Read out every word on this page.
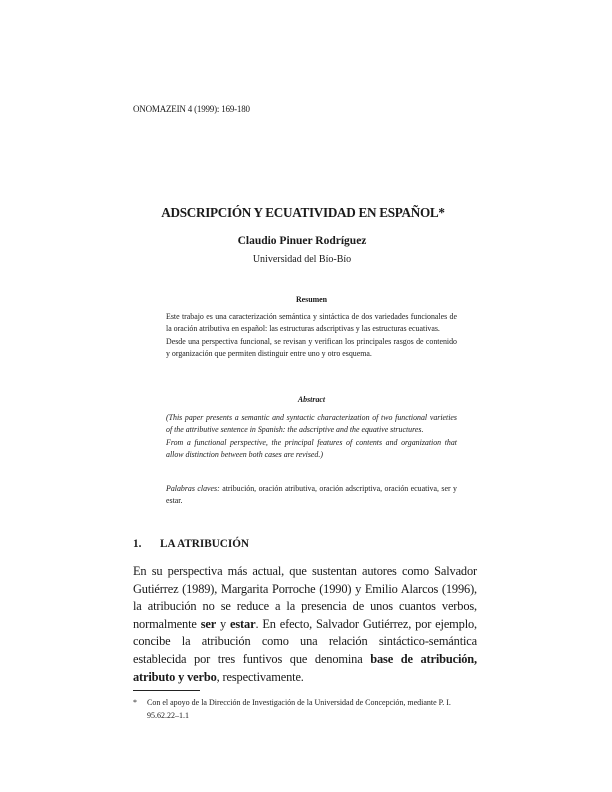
ONOMAZEIN 4 (1999): 169-180
ADSCRIPCIÓN Y ECUATIVIDAD EN ESPAÑOL*
Claudio Pinuer Rodríguez
Universidad del Bío-Bío
Resumen

Este trabajo es una caracterización semántica y sintáctica de dos variedades funcionales de la oración atributiva en español: las estructuras adscriptivas y las estructuras ecuativas.

Desde una perspectiva funcional, se revisan y verifican los principales rasgos de contenido y organización que permiten distinguir entre uno y otro esquema.

Abstract

(This paper presents a semantic and syntactic characterization of two functional varieties of the attributive sentence in Spanish: the adscriptive and the equative structures.

From a functional perspective, the principal features of contents and organization that allow distinction between both cases are revised.)

Palabras claves: atribución, oración atributiva, oración adscriptiva, oración ecuativa, ser y estar.

1. LA ATRIBUCIÓN

En su perspectiva más actual, que sustentan autores como Salvador Gutiérrez (1989), Margarita Porroche (1990) y Emilio Alarcos (1996), la atribución no se reduce a la presencia de unos cuantos verbos, normalmente ser y estar. En efecto, Salvador Gutiérrez, por ejemplo, concibe la atribución como una relación sintáctico-semántica establecida por tres funtivos que denomina base de atribución, atributo y verbo, respectivamente.

* Con el apoyo de la Dirección de Investigación de la Universidad de Concepción, mediante P. I. 95.62.22–1.1
